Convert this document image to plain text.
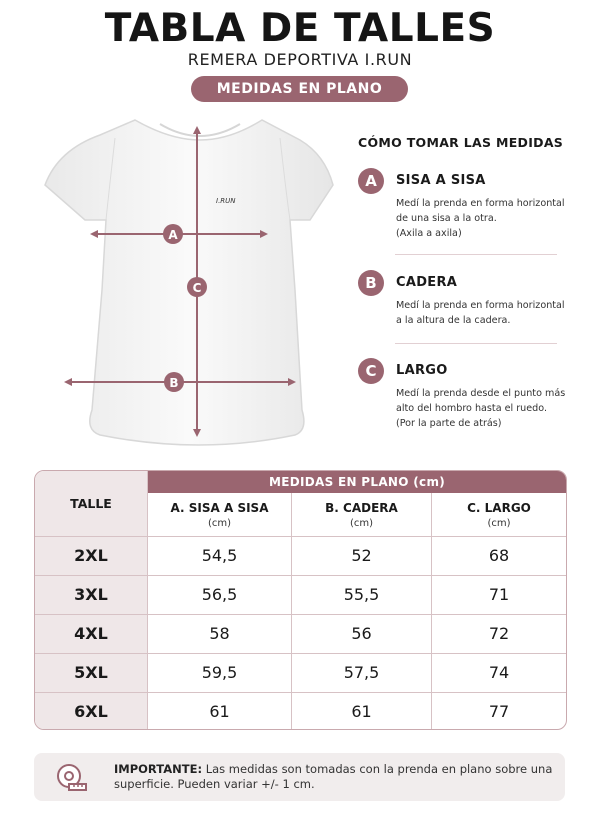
TABLA DE TALLES
REMERA DEPORTIVA I.RUN
MEDIDAS EN PLANO
I.RUN
A
C
B
CÓMO TOMAR LAS MEDIDAS
A	SISA A SISA
Medí la prenda en forma horizontal
de una sisa a la otra.
(Axila a axila)
B	CADERA
Medí la prenda en forma horizontal
a la altura de la cadera.
C	LARGO
Medí la prenda desde el punto más
alto del hombro hasta el ruedo.
(Por la parte de atrás)
TALLE
MEDIDAS EN PLANO (cm)
A. SISA A SISA
(cm)
B. CADERA
(cm)
C. LARGO
(cm)
2XL	54,5	52	68
3XL	56,5	55,5	71
4XL	58	56	72
5XL	59,5	57,5	74
6XL	61	61	77
IMPORTANTE: Las medidas son tomadas con la prenda en plano sobre una superficie. Pueden variar +/- 1 cm.
